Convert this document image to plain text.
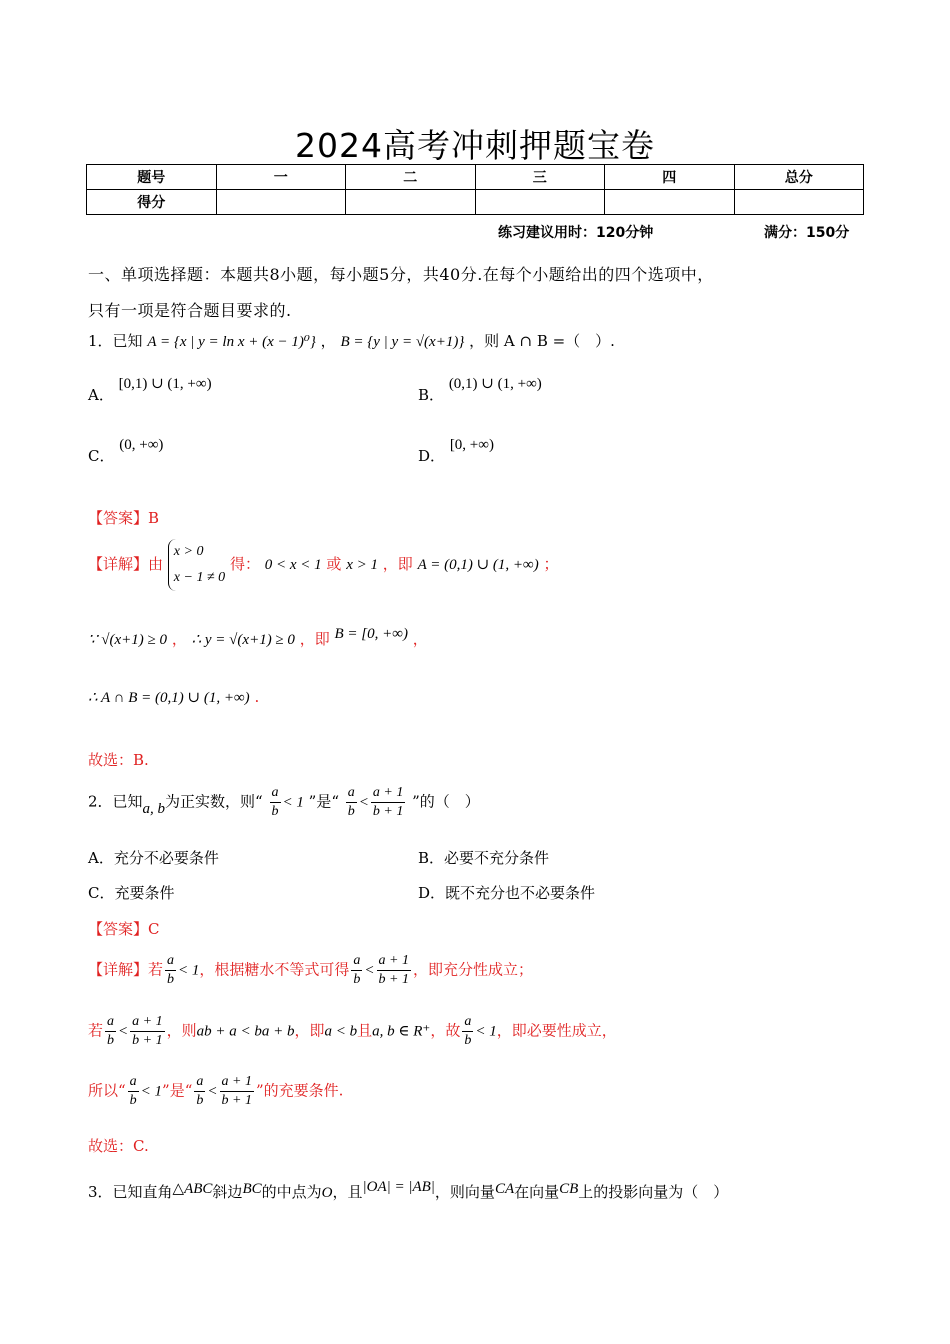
2024高考冲刺押题宝卷
题号	一	二	三	四	总分
得分					
练习建议用时：120分钟	满分：150分
一、单项选择题：本题共8小题，每小题5分，共40分.在每个小题给出的四个选项中，
只有一项是符合题目要求的.
1．已知 A = {x | y = ln x + (x − 1)⁰} ， B = {y | y = √(x+1)} ，则 A ∩ B =（　）.
A． [0,1) ∪ (1, +∞)
B． (0,1) ∪ (1, +∞)
C． (0, +∞)
D． [0, +∞)
【答案】B
【详解】由
x > 0
x − 1 ≠ 0
得： 0 < x < 1 或 x > 1 ，即 A = (0,1) ∪ (1, +∞) ；
∵ √(x+1) ≥ 0 ， ∴ y = √(x+1) ≥ 0 ，即 B = [0, +∞) ，
∴ A ∩ B = (0,1) ∪ (1, +∞) .
故选：B.
2．已知a, b为正实数，则“ $\frac{a}{b} < 1$ ”是“ $\frac{a}{b} < \frac{a + 1}{b + 1}$ ”的（　）
A．充分不必要条件	B．必要不充分条件
C．充要条件	D．既不充分也不必要条件
【答案】C
【详解】若 $\frac{a}{b} < 1$，根据糖水不等式可得 $\frac{a}{b} < \frac{a + 1}{b + 1}$ ，即充分性成立；
若 $\frac{a}{b} < \frac{a + 1}{b + 1}$ ，则ab + a < ba + b，即a < b且a, b ∈ R⁺，故 $\frac{a}{b} < 1$，即必要性成立，
所以“ $\frac{a}{b} < 1$”是“ $\frac{a}{b} < \frac{a + 1}{b + 1}$ ”的充要条件.
故选：C.
3．已知直角△ABC斜边BC的中点为O，且|OA| = |AB|，则向量CA在向量CB上的投影向量为（　）
